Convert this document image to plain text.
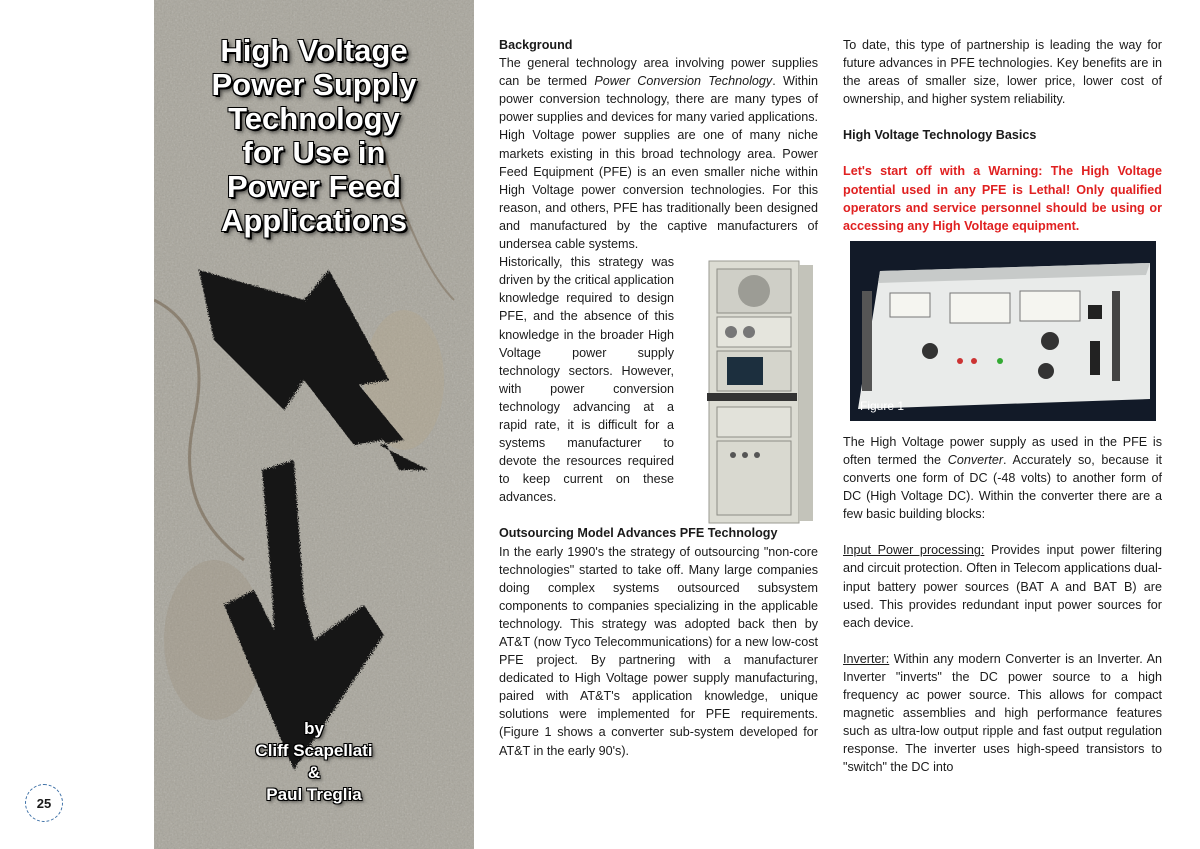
25
High Voltage
Power Supply
Technology
for Use in
Power Feed
Applications
by
Cliff Scapellati
&
Paul Treglia

Background

The general technology area involving power supplies can be termed Power Conversion Technology. Within power conversion technology, there are many types of power supplies and devices for many varied applications. High Voltage power supplies are one of many niche markets existing in this broad technology area. Power Feed Equipment (PFE) is an even smaller niche within High Voltage power conversion technologies. For this reason, and others, PFE has traditionally been designed and manufactured by the captive manufacturers of undersea cable systems.

Historically, this strategy was driven by the critical application knowledge required to design PFE, and the absence of this knowledge in the broader High Voltage power supply technology sectors. However, with power conversion technology advancing at a rapid rate, it is difficult for a systems manufacturer to devote the resources required to keep current on these advances.

Outsourcing Model Advances PFE Technology

In the early 1990's the strategy of outsourcing "non-core technologies" started to take off. Many large companies doing complex systems outsourced subsystem components to companies specializing in the applicable technology. This strategy was adopted back then by AT&T (now Tyco Telecommunications) for a new low-cost PFE project. By partnering with a manufacturer dedicated to High Voltage power supply manufacturing, paired with AT&T's application knowledge, unique solutions were implemented for PFE requirements. (Figure 1 shows a converter sub-system developed for AT&T in the early 90's).

To date, this type of partnership is leading the way for future advances in PFE technologies. Key benefits are in the areas of smaller size, lower price, lower cost of ownership, and higher system reliability.

High Voltage Technology Basics

Let's start off with a Warning: The High Voltage potential used in any PFE is Lethal! Only qualified operators and service personnel should be using or accessing any High Voltage equipment.

Figure 1

The High Voltage power supply as used in the PFE is often termed the Converter. Accurately so, because it converts one form of DC (-48 volts) to another form of DC (High Voltage DC). Within the converter there are a few basic building blocks:

Input Power processing: Provides input power filtering and circuit protection. Often in Telecom applications dual-input battery power sources (BAT A and BAT B) are used. This provides redundant input power sources for each device.

Inverter: Within any modern Converter is an Inverter. An Inverter "inverts" the DC power source to a high frequency ac power source. This allows for compact magnetic assemblies and high performance features such as ultra-low output ripple and fast output regulation response. The inverter uses high-speed transistors to "switch" the DC into
